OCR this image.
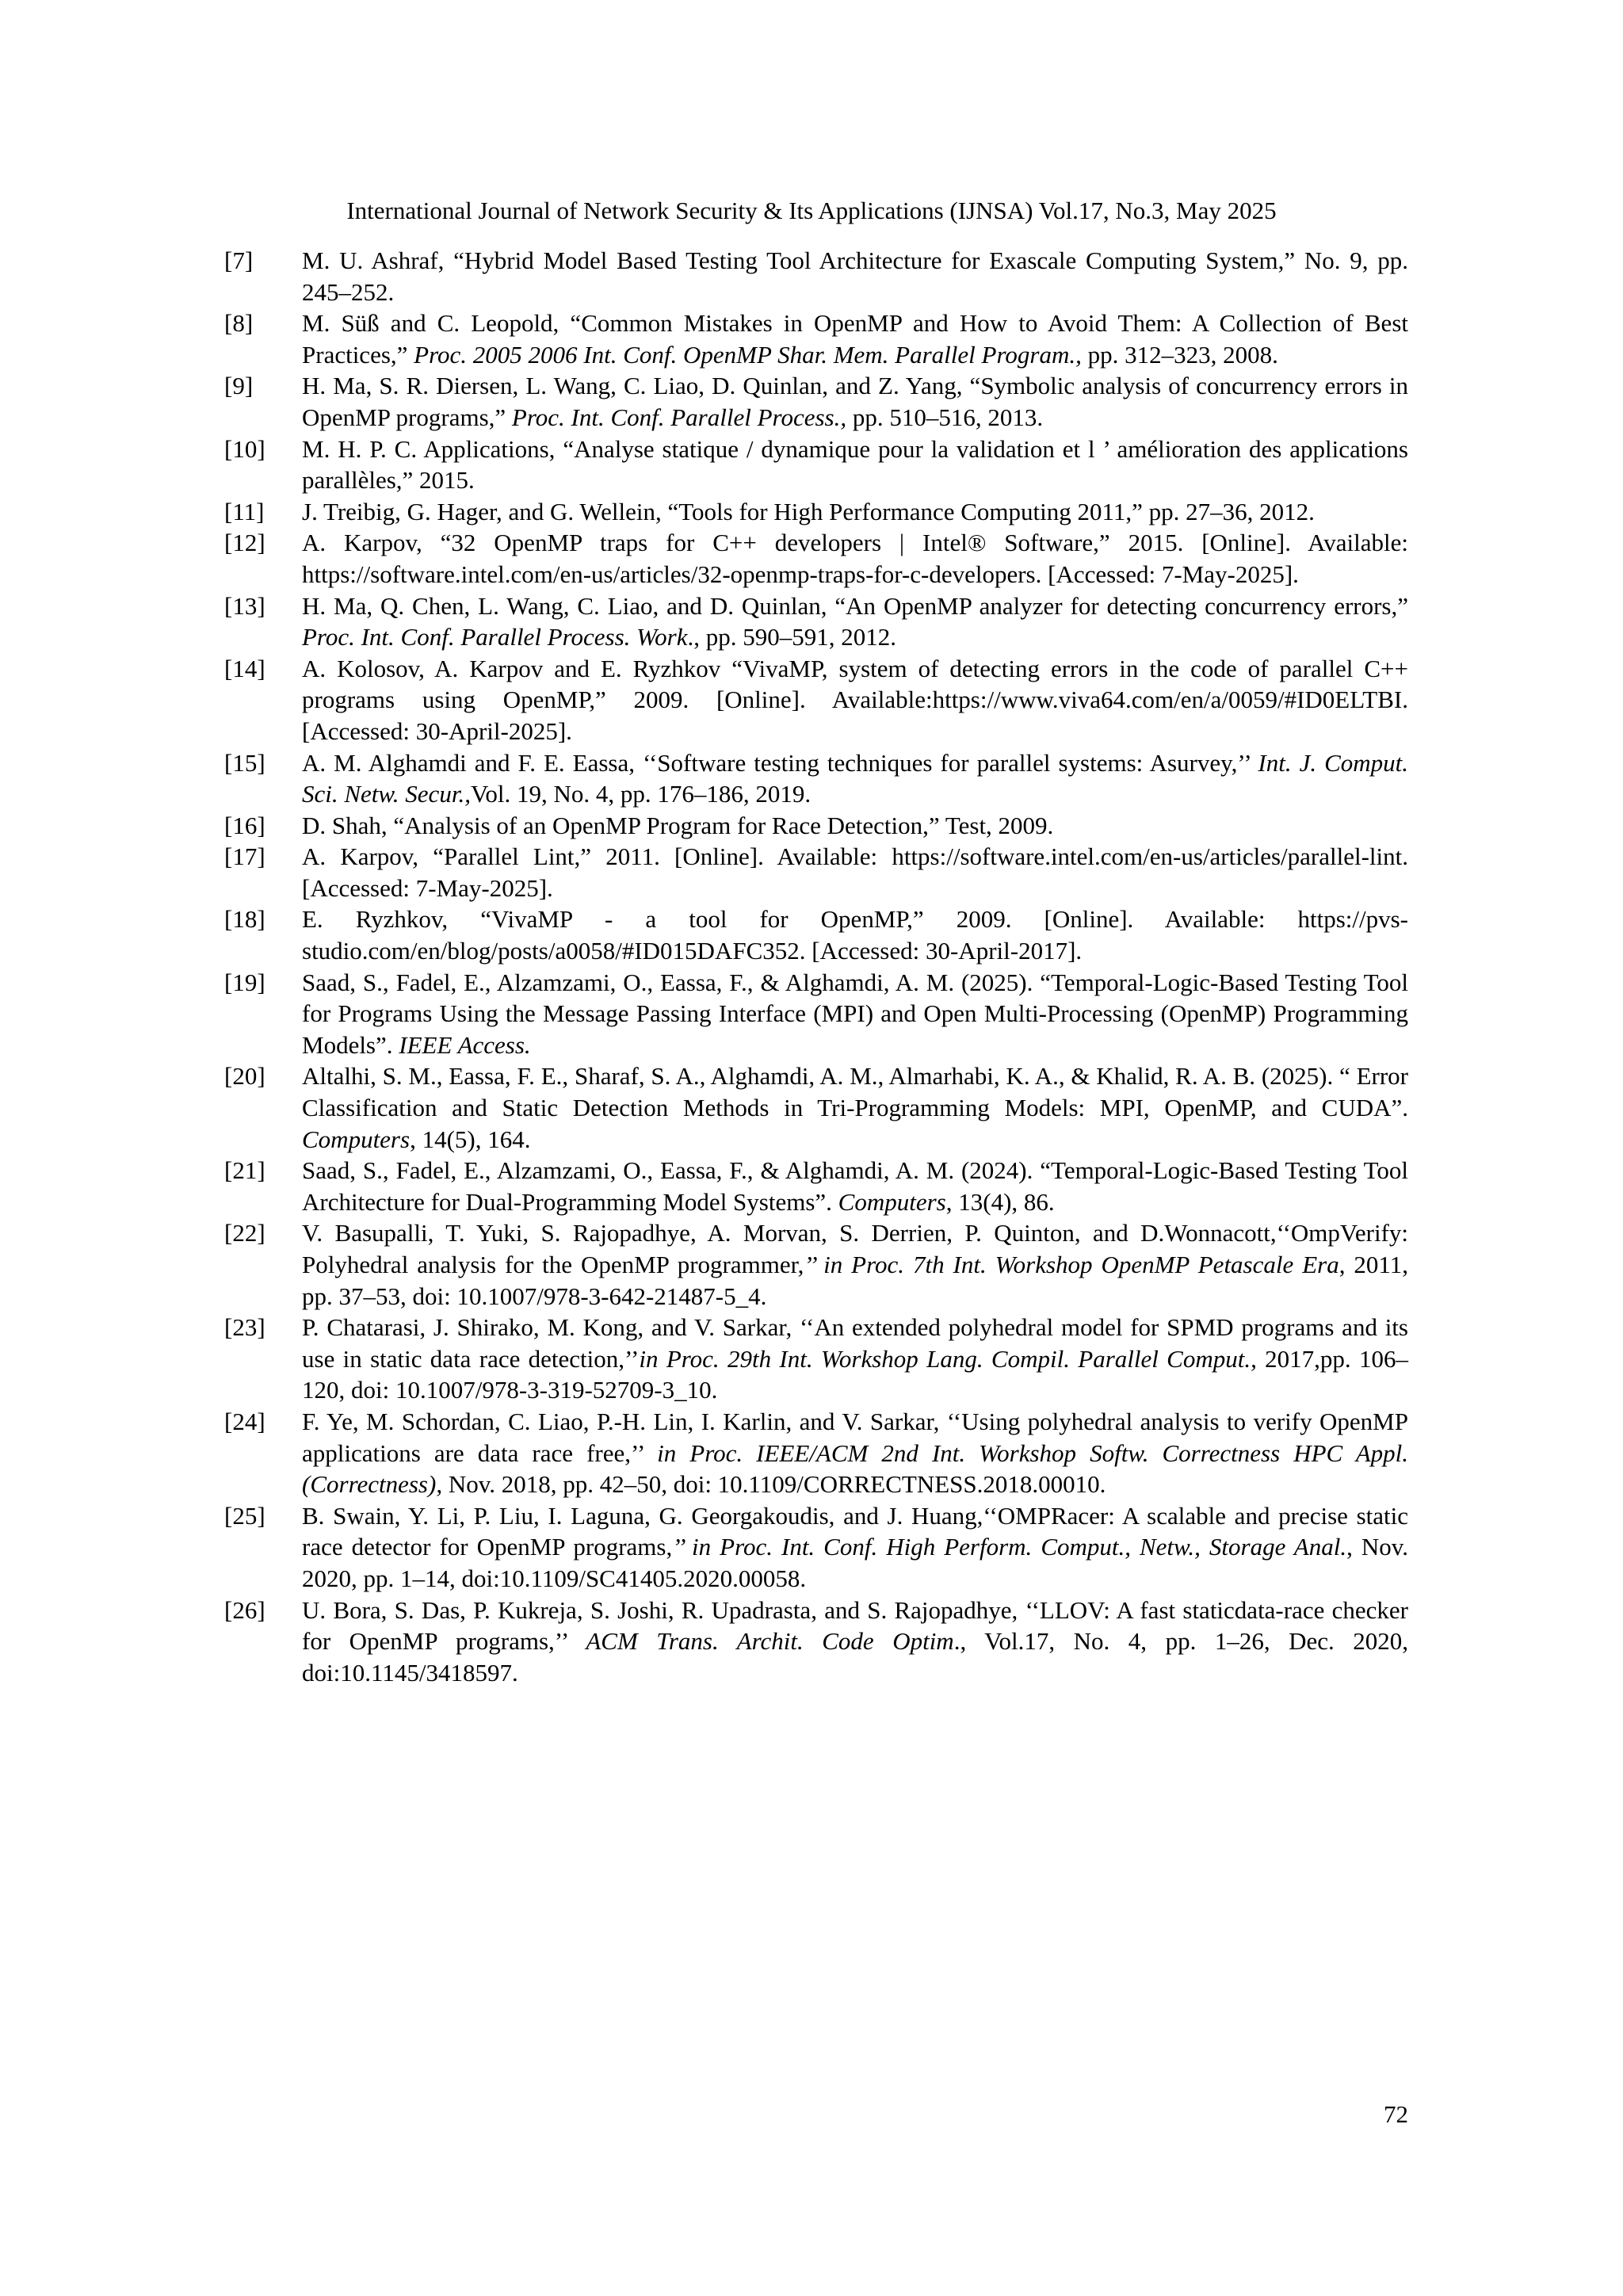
International Journal of Network Security & Its Applications (IJNSA) Vol.17, No.3, May 2025
[7] M. U. Ashraf, “Hybrid Model Based Testing Tool Architecture for Exascale Computing System,” No. 9, pp. 245–252.
[8] M. Süß and C. Leopold, “Common Mistakes in OpenMP and How to Avoid Them: A Collection of Best Practices,” Proc. 2005 2006 Int. Conf. OpenMP Shar. Mem. Parallel Program., pp. 312–323, 2008.
[9] H. Ma, S. R. Diersen, L. Wang, C. Liao, D. Quinlan, and Z. Yang, “Symbolic analysis of concurrency errors in OpenMP programs,” Proc. Int. Conf. Parallel Process., pp. 510–516, 2013.
[10] M. H. P. C. Applications, “Analyse statique / dynamique pour la validation et l ’ amélioration des applications parallèles,” 2015.
[11] J. Treibig, G. Hager, and G. Wellein, “Tools for High Performance Computing 2011,” pp. 27–36, 2012.
[12] A. Karpov, “32 OpenMP traps for C++ developers | Intel® Software,” 2015. [Online]. Available: https://software.intel.com/en-us/articles/32-openmp-traps-for-c-developers. [Accessed: 7-May-2025].
[13] H. Ma, Q. Chen, L. Wang, C. Liao, and D. Quinlan, “An OpenMP analyzer for detecting concurrency errors,” Proc. Int. Conf. Parallel Process. Work., pp. 590–591, 2012.
[14] A. Kolosov, A. Karpov and E. Ryzhkov “VivaMP, system of detecting errors in the code of parallel C++ programs using OpenMP,” 2009. [Online]. Available:https://www.viva64.com/en/a/0059/#ID0ELTBI. [Accessed: 30-April-2025].
[15] A. M. Alghamdi and F. E. Eassa, ‘‘Software testing techniques for parallel systems: Asurvey,’’ Int. J. Comput. Sci. Netw. Secur.,Vol. 19, No. 4, pp. 176–186, 2019.
[16] D. Shah, “Analysis of an OpenMP Program for Race Detection,” Test, 2009.
[17] A. Karpov, “Parallel Lint,” 2011. [Online]. Available: https://software.intel.com/en-us/articles/parallel-lint. [Accessed: 7-May-2025].
[18] E. Ryzhkov, “VivaMP - a tool for OpenMP,” 2009. [Online]. Available: https://pvs-studio.com/en/blog/posts/a0058/#ID015DAFC352. [Accessed: 30-April-2017].
[19] Saad, S., Fadel, E., Alzamzami, O., Eassa, F., & Alghamdi, A. M. (2025). “Temporal-Logic-Based Testing Tool for Programs Using the Message Passing Interface (MPI) and Open Multi-Processing (OpenMP) Programming Models”. IEEE Access.
[20] Altalhi, S. M., Eassa, F. E., Sharaf, S. A., Alghamdi, A. M., Almarhabi, K. A., & Khalid, R. A. B. (2025). “ Error Classification and Static Detection Methods in Tri-Programming Models: MPI, OpenMP, and CUDA”. Computers, 14(5), 164.
[21] Saad, S., Fadel, E., Alzamzami, O., Eassa, F., & Alghamdi, A. M. (2024). “Temporal-Logic-Based Testing Tool Architecture for Dual-Programming Model Systems”. Computers, 13(4), 86.
[22] V. Basupalli, T. Yuki, S. Rajopadhye, A. Morvan, S. Derrien, P. Quinton, and D.Wonnacott,‘‘OmpVerify: Polyhedral analysis for the OpenMP programmer,’’ in Proc. 7th Int. Workshop OpenMP Petascale Era, 2011, pp. 37–53, doi: 10.1007/978-3-642-21487-5_4.
[23] P. Chatarasi, J. Shirako, M. Kong, and V. Sarkar, ‘‘An extended polyhedral model for SPMD programs and its use in static data race detection,’’in Proc. 29th Int. Workshop Lang. Compil. Parallel Comput., 2017,pp. 106–120, doi: 10.1007/978-3-319-52709-3_10.
[24] F. Ye, M. Schordan, C. Liao, P.-H. Lin, I. Karlin, and V. Sarkar, ‘‘Using polyhedral analysis to verify OpenMP applications are data race free,’’ in Proc. IEEE/ACM 2nd Int. Workshop Softw. Correctness HPC Appl. (Correctness), Nov. 2018, pp. 42–50, doi: 10.1109/CORRECTNESS.2018.00010.
[25] B. Swain, Y. Li, P. Liu, I. Laguna, G. Georgakoudis, and J. Huang,‘‘OMPRacer: A scalable and precise static race detector for OpenMP programs,’’ in Proc. Int. Conf. High Perform. Comput., Netw., Storage Anal., Nov. 2020, pp. 1–14, doi:10.1109/SC41405.2020.00058.
[26] U. Bora, S. Das, P. Kukreja, S. Joshi, R. Upadrasta, and S. Rajopadhye, ‘‘LLOV: A fast staticdata-race checker for OpenMP programs,’’ ACM Trans. Archit. Code Optim., Vol.17, No. 4, pp. 1–26, Dec. 2020, doi:10.1145/3418597.
72
